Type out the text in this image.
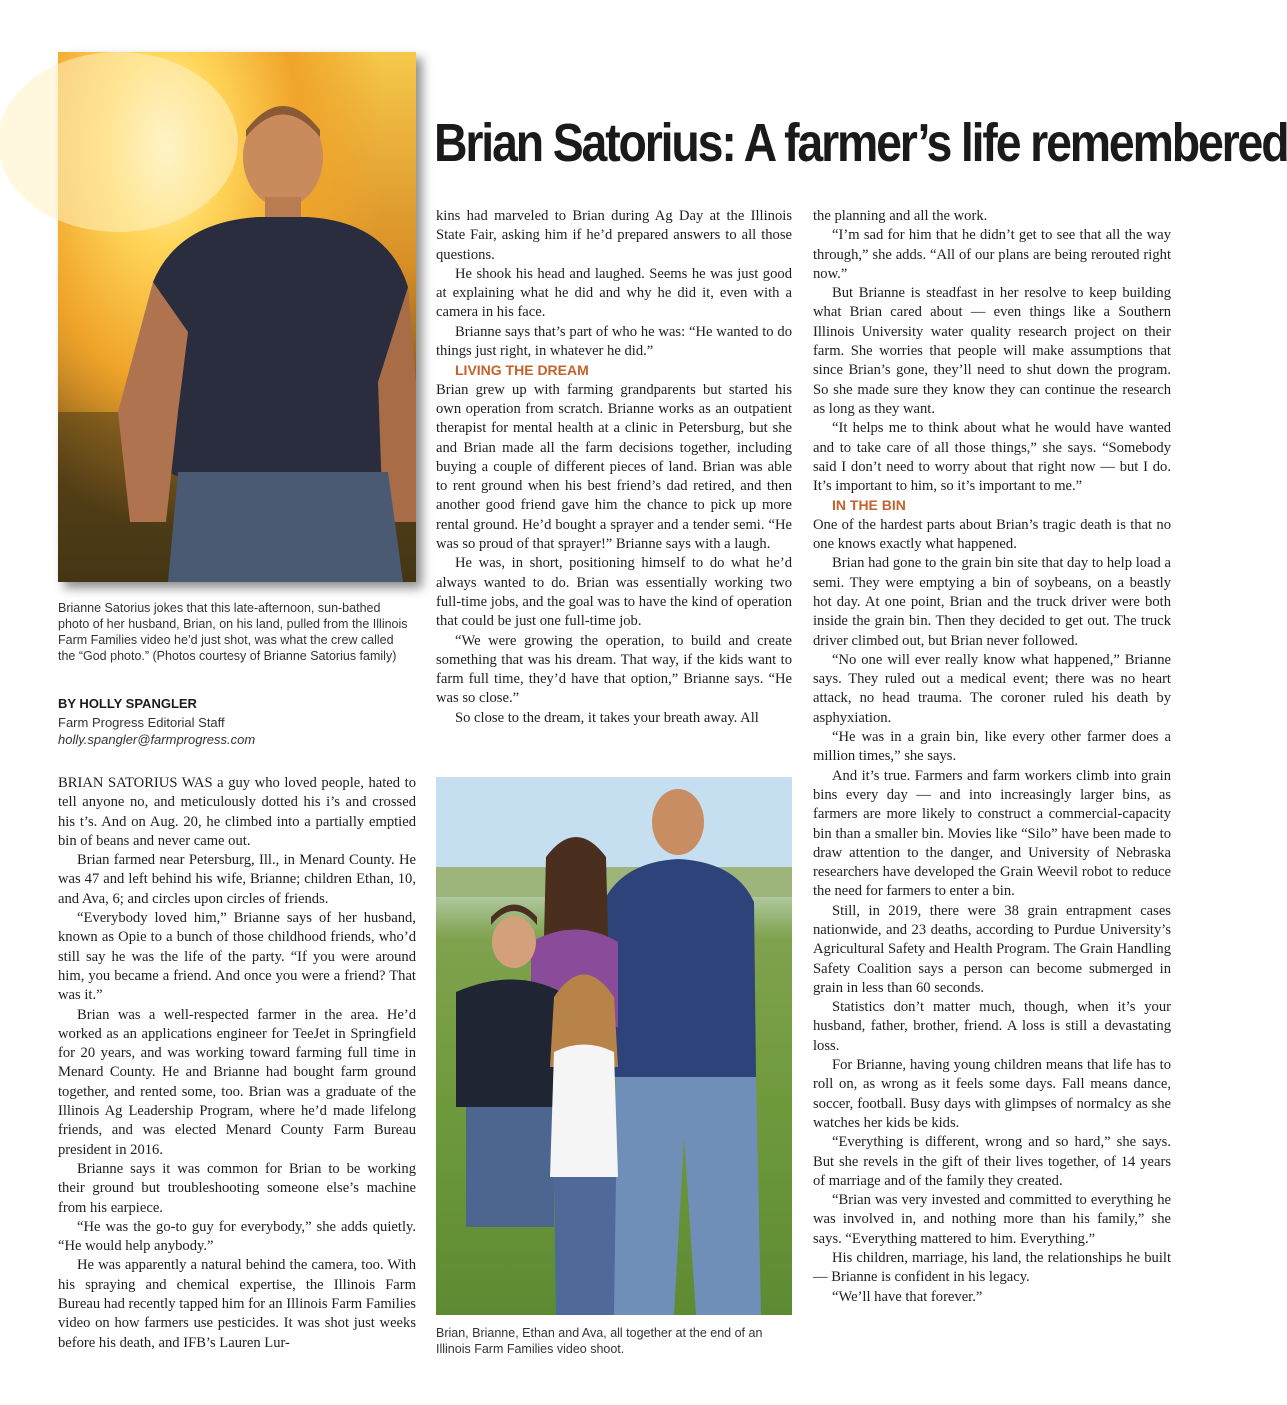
Brianne Satorius jokes that this late-afternoon, sun-bathed photo of her husband, Brian, on his land, pulled from the Illinois Farm Families video he’d just shot, was what the crew called the “God photo.” (Photos courtesy of Brianne Satorius family)
BY HOLLY SPANGLER
Farm Progress Editorial Staff
holly.spangler@farmprogress.com
Brian Satorius: A farmer’s life remembered

BRIAN SATORIUS WAS a guy who loved people, hated to tell anyone no, and meticulously dotted his i’s and crossed his t’s. And on Aug. 20, he climbed into a partially emptied bin of beans and never came out.

Brian farmed near Petersburg, Ill., in Menard County. He was 47 and left behind his wife, Brianne; children Ethan, 10, and Ava, 6; and circles upon circles of friends.

“Everybody loved him,” Brianne says of her husband, known as Opie to a bunch of those childhood friends, who’d still say he was the life of the party. “If you were around him, you became a friend. And once you were a friend? That was it.”

Brian was a well-respected farmer in the area. He’d worked as an applications engineer for TeeJet in Springfield for 20 years, and was working toward farming full time in Menard County. He and Brianne had bought farm ground together, and rented some, too. Brian was a graduate of the Illinois Ag Leadership Program, where he’d made lifelong friends, and was elected Menard County Farm Bureau president in 2016.

Brianne says it was common for Brian to be working their ground but troubleshooting someone else’s machine from his earpiece.

“He was the go-to guy for everybody,” she adds quietly. “He would help anybody.”

He was apparently a natural behind the camera, too. With his spraying and chemical expertise, the Illinois Farm Bureau had recently tapped him for an Illinois Farm Families video on how farmers use pesticides. It was shot just weeks before his death, and IFB’s Lauren Lur-

kins had marveled to Brian during Ag Day at the Illinois State Fair, asking him if he’d prepared answers to all those questions.

He shook his head and laughed. Seems he was just good at explaining what he did and why he did it, even with a camera in his face.

Brianne says that’s part of who he was: “He wanted to do things just right, in whatever he did.”

LIVING THE DREAM

Brian grew up with farming grandparents but started his own operation from scratch. Brianne works as an outpatient therapist for mental health at a clinic in Petersburg, but she and Brian made all the farm decisions together, including buying a couple of different pieces of land. Brian was able to rent ground when his best friend’s dad retired, and then another good friend gave him the chance to pick up more rental ground. He’d bought a sprayer and a tender semi. “He was so proud of that sprayer!” Brianne says with a laugh.

He was, in short, positioning himself to do what he’d always wanted to do. Brian was essentially working two full-time jobs, and the goal was to have the kind of operation that could be just one full-time job.

“We were growing the operation, to build and create something that was his dream. That way, if the kids want to farm full time, they’d have that option,” Brianne says. “He was so close.”

So close to the dream, it takes your breath away. All

Brian, Brianne, Ethan and Ava, all together at the end of an Illinois Farm Families video shoot.

the planning and all the work.

“I’m sad for him that he didn’t get to see that all the way through,” she adds. “All of our plans are being rerouted right now.”

But Brianne is steadfast in her resolve to keep building what Brian cared about — even things like a Southern Illinois University water quality research project on their farm. She worries that people will make assumptions that since Brian’s gone, they’ll need to shut down the program. So she made sure they know they can continue the research as long as they want.

“It helps me to think about what he would have wanted and to take care of all those things,” she says. “Somebody said I don’t need to worry about that right now — but I do. It’s important to him, so it’s important to me.”

IN THE BIN

One of the hardest parts about Brian’s tragic death is that no one knows exactly what happened.

Brian had gone to the grain bin site that day to help load a semi. They were emptying a bin of soybeans, on a beastly hot day. At one point, Brian and the truck driver were both inside the grain bin. Then they decided to get out. The truck driver climbed out, but Brian never followed.

“No one will ever really know what happened,” Brianne says. They ruled out a medical event; there was no heart attack, no head trauma. The coroner ruled his death by asphyxiation.

“He was in a grain bin, like every other farmer does a million times,” she says.

And it’s true. Farmers and farm workers climb into grain bins every day — and into increasingly larger bins, as farmers are more likely to construct a commercial-capacity bin than a smaller bin. Movies like “Silo” have been made to draw attention to the danger, and University of Nebraska researchers have developed the Grain Weevil robot to reduce the need for farmers to enter a bin.

Still, in 2019, there were 38 grain entrapment cases nationwide, and 23 deaths, according to Purdue University’s Agricultural Safety and Health Program. The Grain Handling Safety Coalition says a person can become submerged in grain in less than 60 seconds.

Statistics don’t matter much, though, when it’s your husband, father, brother, friend. A loss is still a devastating loss.

For Brianne, having young children means that life has to roll on, as wrong as it feels some days. Fall means dance, soccer, football. Busy days with glimpses of normalcy as she watches her kids be kids.

“Everything is different, wrong and so hard,” she says. But she revels in the gift of their lives together, of 14 years of marriage and of the family they created.

“Brian was very invested and committed to everything he was involved in, and nothing more than his family,” she says. “Everything mattered to him. Everything.”

His children, marriage, his land, the relationships he built — Brianne is confident in his legacy.

“We’ll have that forever.”
